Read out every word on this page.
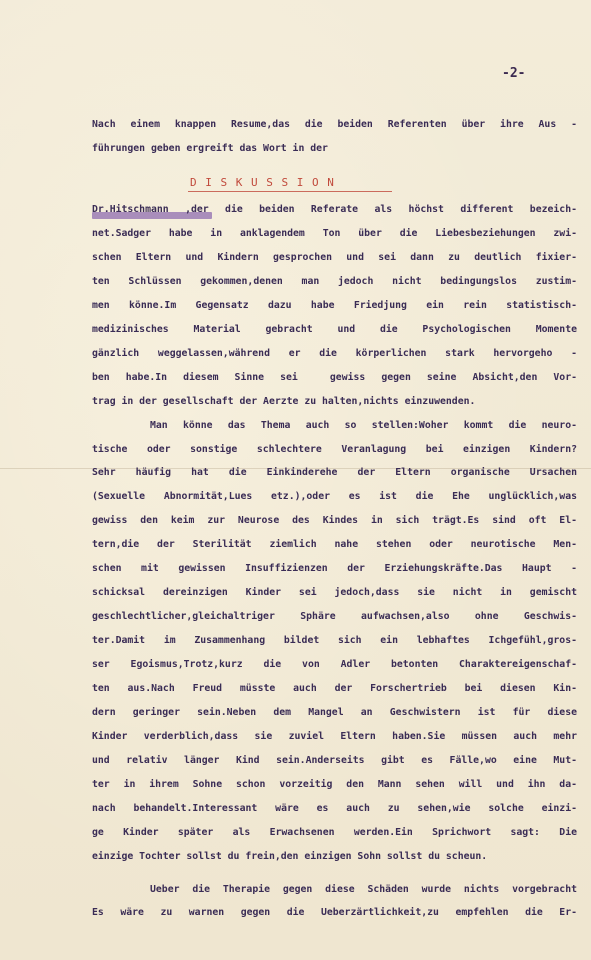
-2-
Nach einem knappen Resume,das die beiden Referenten über ihre Aus -
führungen geben ergreift das Wort in der
D I S K U S S I O N
Dr.Hitschmann ,der die beiden Referate als höchst different bezeich-
net.Sadger habe in anklagendem Ton über die Liebesbeziehungen zwi-
schen Eltern und Kindern gesprochen und sei dann zu deutlich fixier-
ten Schlüssen gekommen,denen man jedoch nicht bedingungslos zustim-
men könne.Im Gegensatz dazu habe Friedjung ein rein statistisch-
medizinisches Material gebracht und die Psychologischen Momente
gänzlich weggelassen,während er die körperlichen stark hervorgeho -
ben habe.In diesem Sinne sei  gewiss gegen seine Absicht,den Vor-
trag in der gesellschaft der Aerzte zu halten,nichts einzuwenden.
Man könne das Thema auch so stellen:Woher kommt die neuro-
tische oder sonstige schlechtere Veranlagung bei einzigen Kindern?
Sehr häufig hat die Einkinderehe der Eltern organische Ursachen
(Sexuelle Abnormität,Lues etz.),oder es ist die Ehe unglücklich,was
gewiss den keim zur Neurose des Kindes in sich trägt.Es sind oft El-
tern,die der Sterilität ziemlich nahe stehen oder neurotische Men-
schen mit gewissen Insuffizienzen der Erziehungskräfte.Das Haupt -
schicksal dereinzigen Kinder sei jedoch,dass sie nicht in gemischt
geschlechtlicher,gleichaltriger Sphäre aufwachsen,also ohne Geschwis-
ter.Damit im Zusammenhang bildet sich ein lebhaftes Ichgefühl,gros-
ser Egoismus,Trotz,kurz die von Adler betonten Charaktereigenschaf-
ten aus.Nach Freud müsste auch der Forschertrieb bei diesen Kin-
dern geringer sein.Neben dem Mangel an Geschwistern ist für diese
Kinder verderblich,dass sie zuviel Eltern haben.Sie müssen auch mehr
und relativ länger Kind sein.Anderseits gibt es Fälle,wo eine Mut-
ter in ihrem Sohne schon vorzeitig den Mann sehen will und ihn da-
nach behandelt.Interessant wäre es auch zu sehen,wie solche einzi-
ge Kinder später als Erwachsenen werden.Ein Sprichwort sagt: Die
einzige Tochter sollst du frein,den einzigen Sohn sollst du scheun.
Ueber die Therapie gegen diese Schäden wurde nichts vorgebracht
Es wäre zu warnen gegen die Ueberzärtlichkeit,zu empfehlen die Er-
